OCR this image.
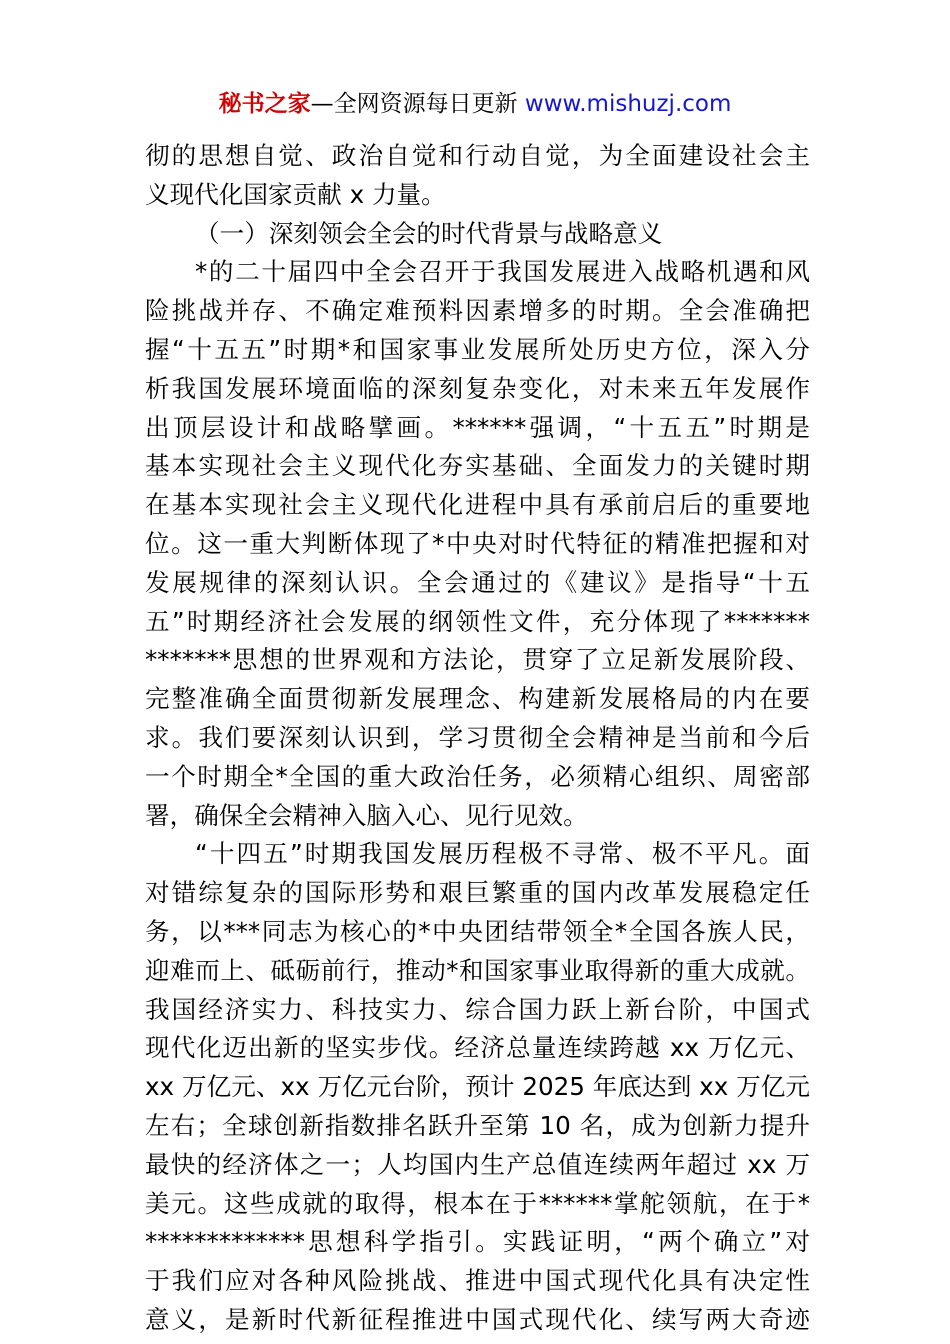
秘书之家—全网资源每日更新 www.mishuzj.com
彻的思想自觉、政治自觉和行动自觉，为全面建设社会主
义现代化国家贡献 x 力量。
（一）深刻领会全会的时代背景与战略意义
*的二十届四中全会召开于我国发展进入战略机遇和风
险挑战并存、不确定难预料因素增多的时期。全会准确把
握“十五五”时期*和国家事业发展所处历史方位，深入分
析我国发展环境面临的深刻复杂变化，对未来五年发展作
出顶层设计和战略擘画。******强调，“十五五”时期是
基本实现社会主义现代化夯实基础、全面发力的关键时期
在基本实现社会主义现代化进程中具有承前启后的重要地
位。这一重大判断体现了*中央对时代特征的精准把握和对
发展规律的深刻认识。全会通过的《建议》是指导“十五
五”时期经济社会发展的纲领性文件，充分体现了*******
*******思想的世界观和方法论，贯穿了立足新发展阶段、
完整准确全面贯彻新发展理念、构建新发展格局的内在要
求。我们要深刻认识到，学习贯彻全会精神是当前和今后
一个时期全*全国的重大政治任务，必须精心组织、周密部
署，确保全会精神入脑入心、见行见效。
“十四五”时期我国发展历程极不寻常、极不平凡。面
对错综复杂的国际形势和艰巨繁重的国内改革发展稳定任
务，以***同志为核心的*中央团结带领全*全国各族人民，
迎难而上、砥砺前行，推动*和国家事业取得新的重大成就。
我国经济实力、科技实力、综合国力跃上新台阶，中国式
现代化迈出新的坚实步伐。经济总量连续跨越 xx 万亿元、
xx 万亿元、xx 万亿元台阶，预计 2025 年底达到 xx 万亿元
左右；全球创新指数排名跃升至第 10 名，成为创新力提升
最快的经济体之一；人均国内生产总值连续两年超过 xx 万
美元。这些成就的取得，根本在于******掌舵领航，在于*
*************思想科学指引。实践证明，“两个确立”对
于我们应对各种风险挑战、推进中国式现代化具有决定性
意义，是新时代新征程推进中国式现代化、续写两大奇迹
